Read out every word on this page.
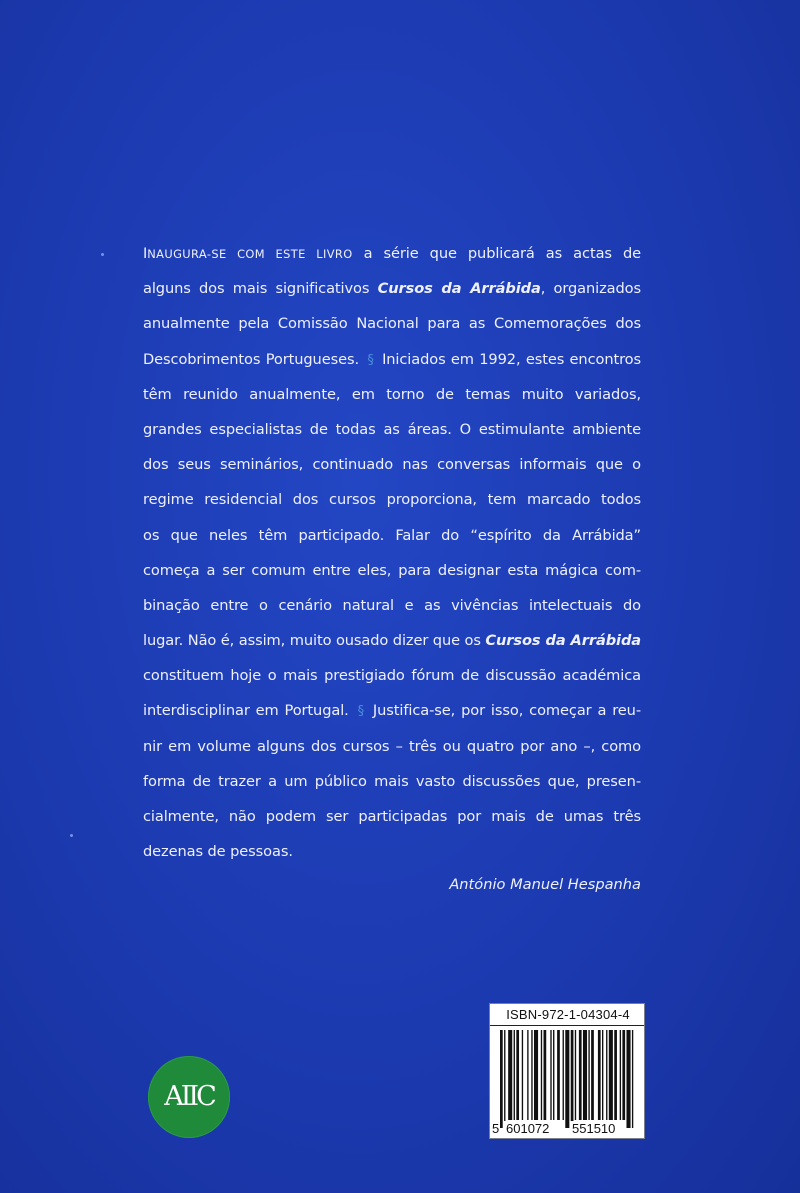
INAUGURA-SE COM ESTE LIVRO a série que publicará as actas de
alguns dos mais significativos Cursos da Arrábida, organizados
anualmente pela Comissão Nacional para as Comemorações dos
Descobrimentos Portugueses. § Iniciados em 1992, estes encontros
têm reunido anualmente, em torno de temas muito variados,
grandes especialistas de todas as áreas. O estimulante ambiente
dos seus seminários, continuado nas conversas informais que o
regime residencial dos cursos proporciona, tem marcado todos
os que neles têm participado. Falar do “espírito da Arrábida”
começa a ser comum entre eles, para designar esta mágica com-
binação entre o cenário natural e as vivências intelectuais do
lugar. Não é, assim, muito ousado dizer que os Cursos da Arrábida
constituem hoje o mais prestigiado fórum de discussão académica
interdisciplinar em Portugal. § Justifica-se, por isso, começar a reu-
nir em volume alguns dos cursos – três ou quatro por ano –, como
forma de trazer a um público mais vasto discussões que, presen-
cialmente, não podem ser participadas por mais de umas três
dezenas de pessoas.
António Manuel Hespanha
AIIC
ISBN-972-1-04304-4
5 601072 551510
